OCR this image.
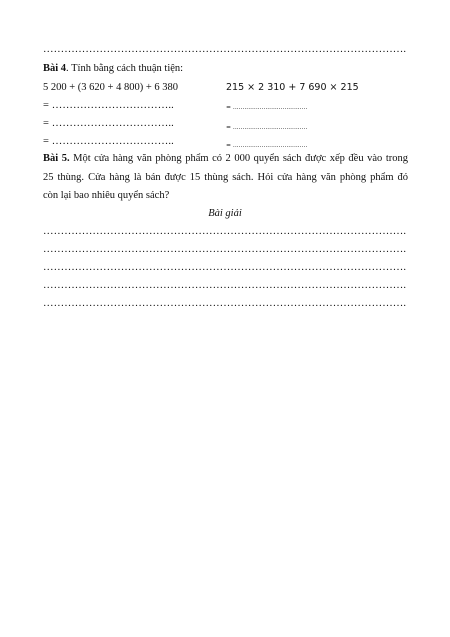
………………………………………………………………………………………….
Bài 4. Tính bằng cách thuận tiện:
5 200 + (3 620 + 4 800) + 6 380
= ……………………………..
= ……………………………..
= ……………………………..
215 × 2 310 + 7 690 × 215
= .......................................
= .......................................
= .......................................
Bài 5. Một cửa hàng văn phòng phẩm có 2 000 quyển sách được xếp đều vào trong
25 thùng. Cửa hàng là bán được 15 thùng sách. Hỏi cửa hàng văn phòng phẩm đó
còn lại bao nhiêu quyển sách?
Bài giải
………………………………………………………………………………………….
………………………………………………………………………………………….
………………………………………………………………………………………….
………………………………………………………………………………………….
………………………………………………………………………………………….
